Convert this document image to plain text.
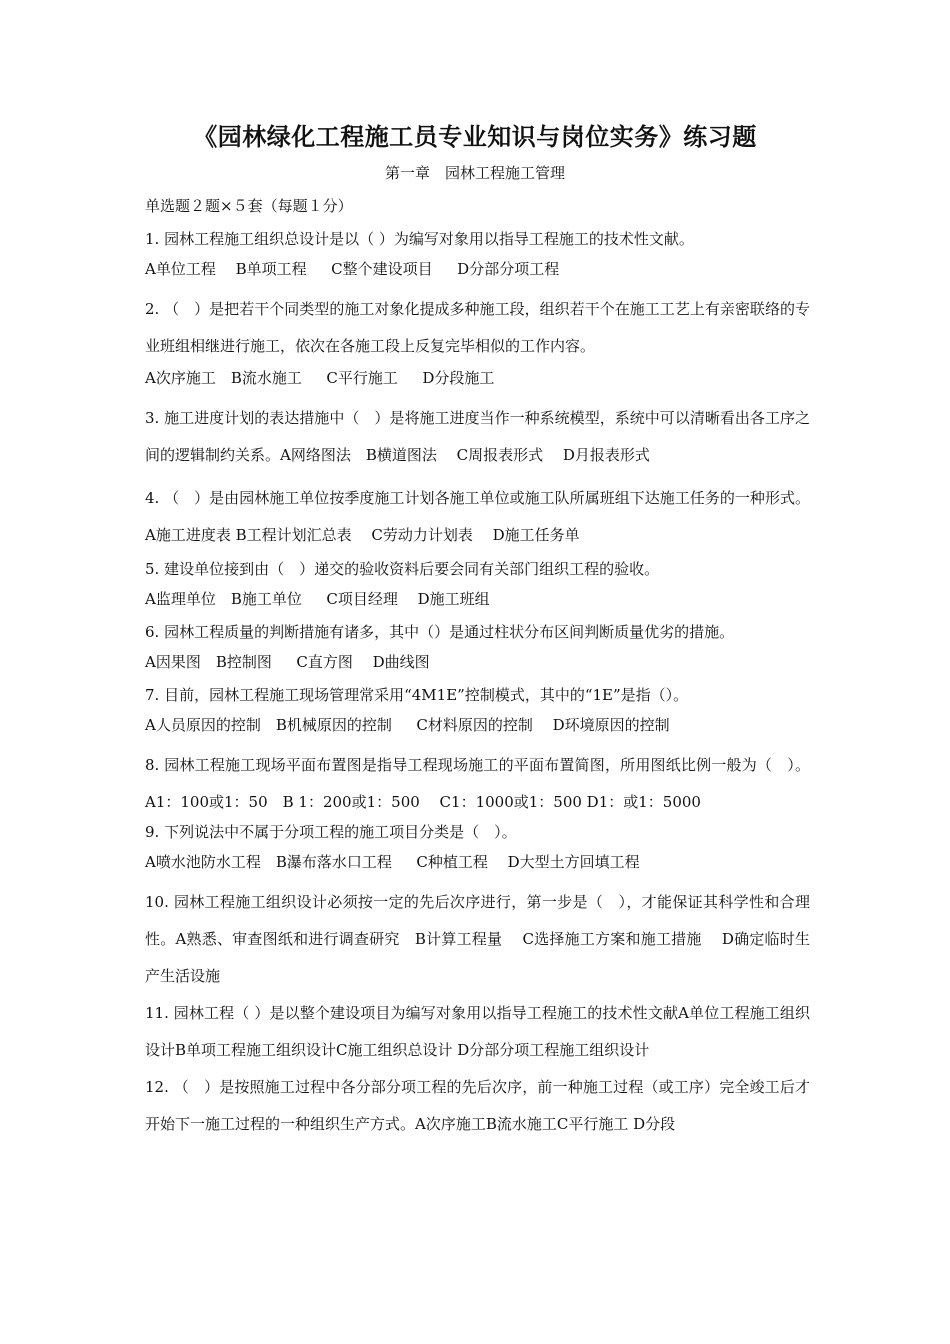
《园林绿化工程施工员专业知识与岗位实务》练习题
第一章　园林工程施工管理
单选题２题×５套（每题１分）
1. 园林工程施工组织总设计是以（ ）为编写对象用以指导工程施工的技术性文献。
A单位工程　 B单项工程　  C整个建设项目　  D分部分项工程
2. （　）是把若干个同类型的施工对象化提成多种施工段，组织若干个在施工工艺上有亲密联络的专业班组相继进行施工，依次在各施工段上反复完毕相似的工作内容。
A次序施工　B流水施工　  C平行施工　  D分段施工
3. 施工进度计划的表达措施中（　）是将施工进度当作一种系统模型，系统中可以清晰看出各工序之间的逻辑制约关系。A网络图法　B横道图法　 C周报表形式　 D月报表形式
4. （　）是由园林施工单位按季度施工计划各施工单位或施工队所属班组下达施工任务的一种形式。A施工进度表 B工程计划汇总表　 C劳动力计划表　 D施工任务单
5. 建设单位接到由（　）递交的验收资料后要会同有关部门组织工程的验收。
A监理单位　B施工单位　  C项目经理　 D施工班组
6. 园林工程质量的判断措施有诸多，其中（）是通过柱状分布区间判断质量优劣的措施。
A因果图　B控制图　  C直方图　 D曲线图
7. 目前，园林工程施工现场管理常采用“4M1E”控制模式，其中的“1E”是指（）。
A人员原因的控制　B机械原因的控制　  C材料原因的控制　 D环境原因的控制
8. 园林工程施工现场平面布置图是指导工程现场施工的平面布置简图，所用图纸比例一般为（　）。A1：100或1：50　B 1：200或1：500　 C1：1000或1：500 D1：或1：5000
9. 下列说法中不属于分项工程的施工项目分类是（　）。
A喷水池防水工程　B瀑布落水口工程　  C种植工程　 D大型土方回填工程
10. 园林工程施工组织设计必须按一定的先后次序进行，第一步是（　），才能保证其科学性和合理性。A熟悉、审查图纸和进行调查研究　B计算工程量　 C选择施工方案和施工措施　 D确定临时生产生活设施
11. 园林工程（ ）是以整个建设项目为编写对象用以指导工程施工的技术性文献A单位工程施工组织设计B单项工程施工组织设计C施工组织总设计 D分部分项工程施工组织设计
12. （　）是按照施工过程中各分部分项工程的先后次序，前一种施工过程（或工序）完全竣工后才开始下一施工过程的一种组织生产方式。A次序施工B流水施工C平行施工 D分段
